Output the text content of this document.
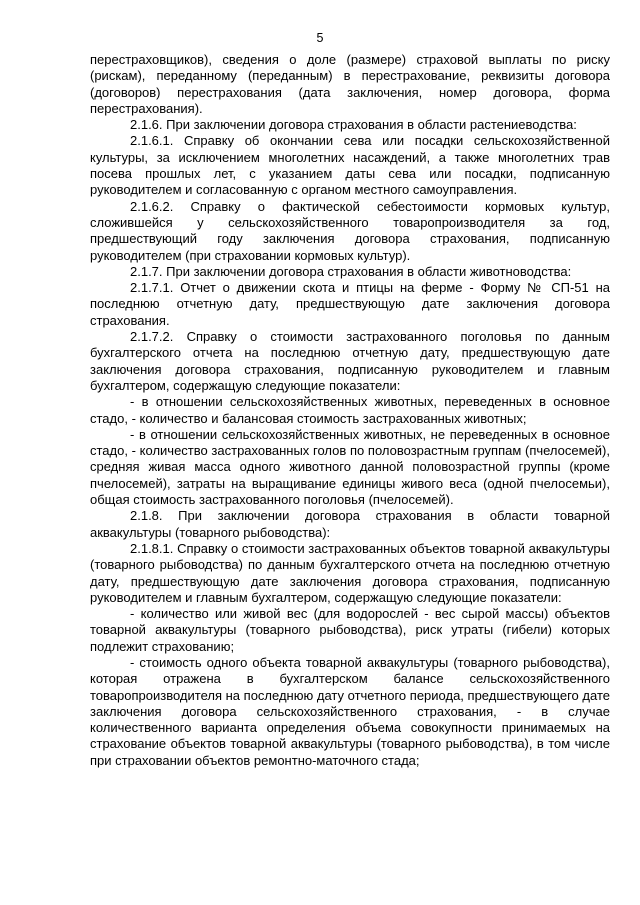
5

перестраховщиков), сведения о доле (размере) страховой выплаты по риску (рискам), переданному (переданным) в перестрахование, реквизиты договора (договоров) перестрахования (дата заключения, номер договора, форма перестрахования).

2.1.6. При заключении договора страхования в области растениеводства:

2.1.6.1. Справку об окончании сева или посадки сельскохозяйственной культуры, за исключением многолетних насаждений, а также многолетних трав посева прошлых лет, с указанием даты сева или посадки, подписанную руководителем и согласованную с органом местного самоуправления.

2.1.6.2. Справку о фактической себестоимости кормовых культур, сложившейся у сельскохозяйственного товаропроизводителя за год, предшествующий году заключения договора страхования, подписанную руководителем (при страховании кормовых культур).

2.1.7. При заключении договора страхования в области животноводства:

2.1.7.1. Отчет о движении скота и птицы на ферме - Форму № СП-51 на последнюю отчетную дату, предшествующую дате заключения договора страхования.

2.1.7.2. Справку о стоимости застрахованного поголовья по данным бухгалтерского отчета на последнюю отчетную дату, предшествующую дате заключения договора страхования, подписанную руководителем и главным бухгалтером, содержащую следующие показатели:

- в отношении сельскохозяйственных животных, переведенных в основное стадо, - количество и балансовая стоимость застрахованных животных;

- в отношении сельскохозяйственных животных, не переведенных в основное стадо, - количество застрахованных голов по половозрастным группам (пчелосемей), средняя живая масса одного животного данной половозрастной группы (кроме пчелосемей), затраты на выращивание единицы живого веса (одной пчелосемьи), общая стоимость застрахованного поголовья (пчелосемей).

2.1.8. При заключении договора страхования в области товарной аквакультуры (товарного рыбоводства):

2.1.8.1. Справку о стоимости застрахованных объектов товарной аквакультуры (товарного рыбоводства) по данным бухгалтерского отчета на последнюю отчетную дату, предшествующую дате заключения договора страхования, подписанную руководителем и главным бухгалтером, содержащую следующие показатели:

- количество или живой вес (для водорослей - вес сырой массы) объектов товарной аквакультуры (товарного рыбоводства), риск утраты (гибели) которых подлежит страхованию;

- стоимость одного объекта товарной аквакультуры (товарного рыбоводства), которая отражена в бухгалтерском балансе сельскохозяйственного товаропроизводителя на последнюю дату отчетного периода, предшествующего дате заключения договора сельскохозяйственного страхования, - в случае количественного варианта определения объема совокупности принимаемых на страхование объектов товарной аквакультуры (товарного рыбоводства), в том числе при страховании объектов ремонтно-маточного стада;
